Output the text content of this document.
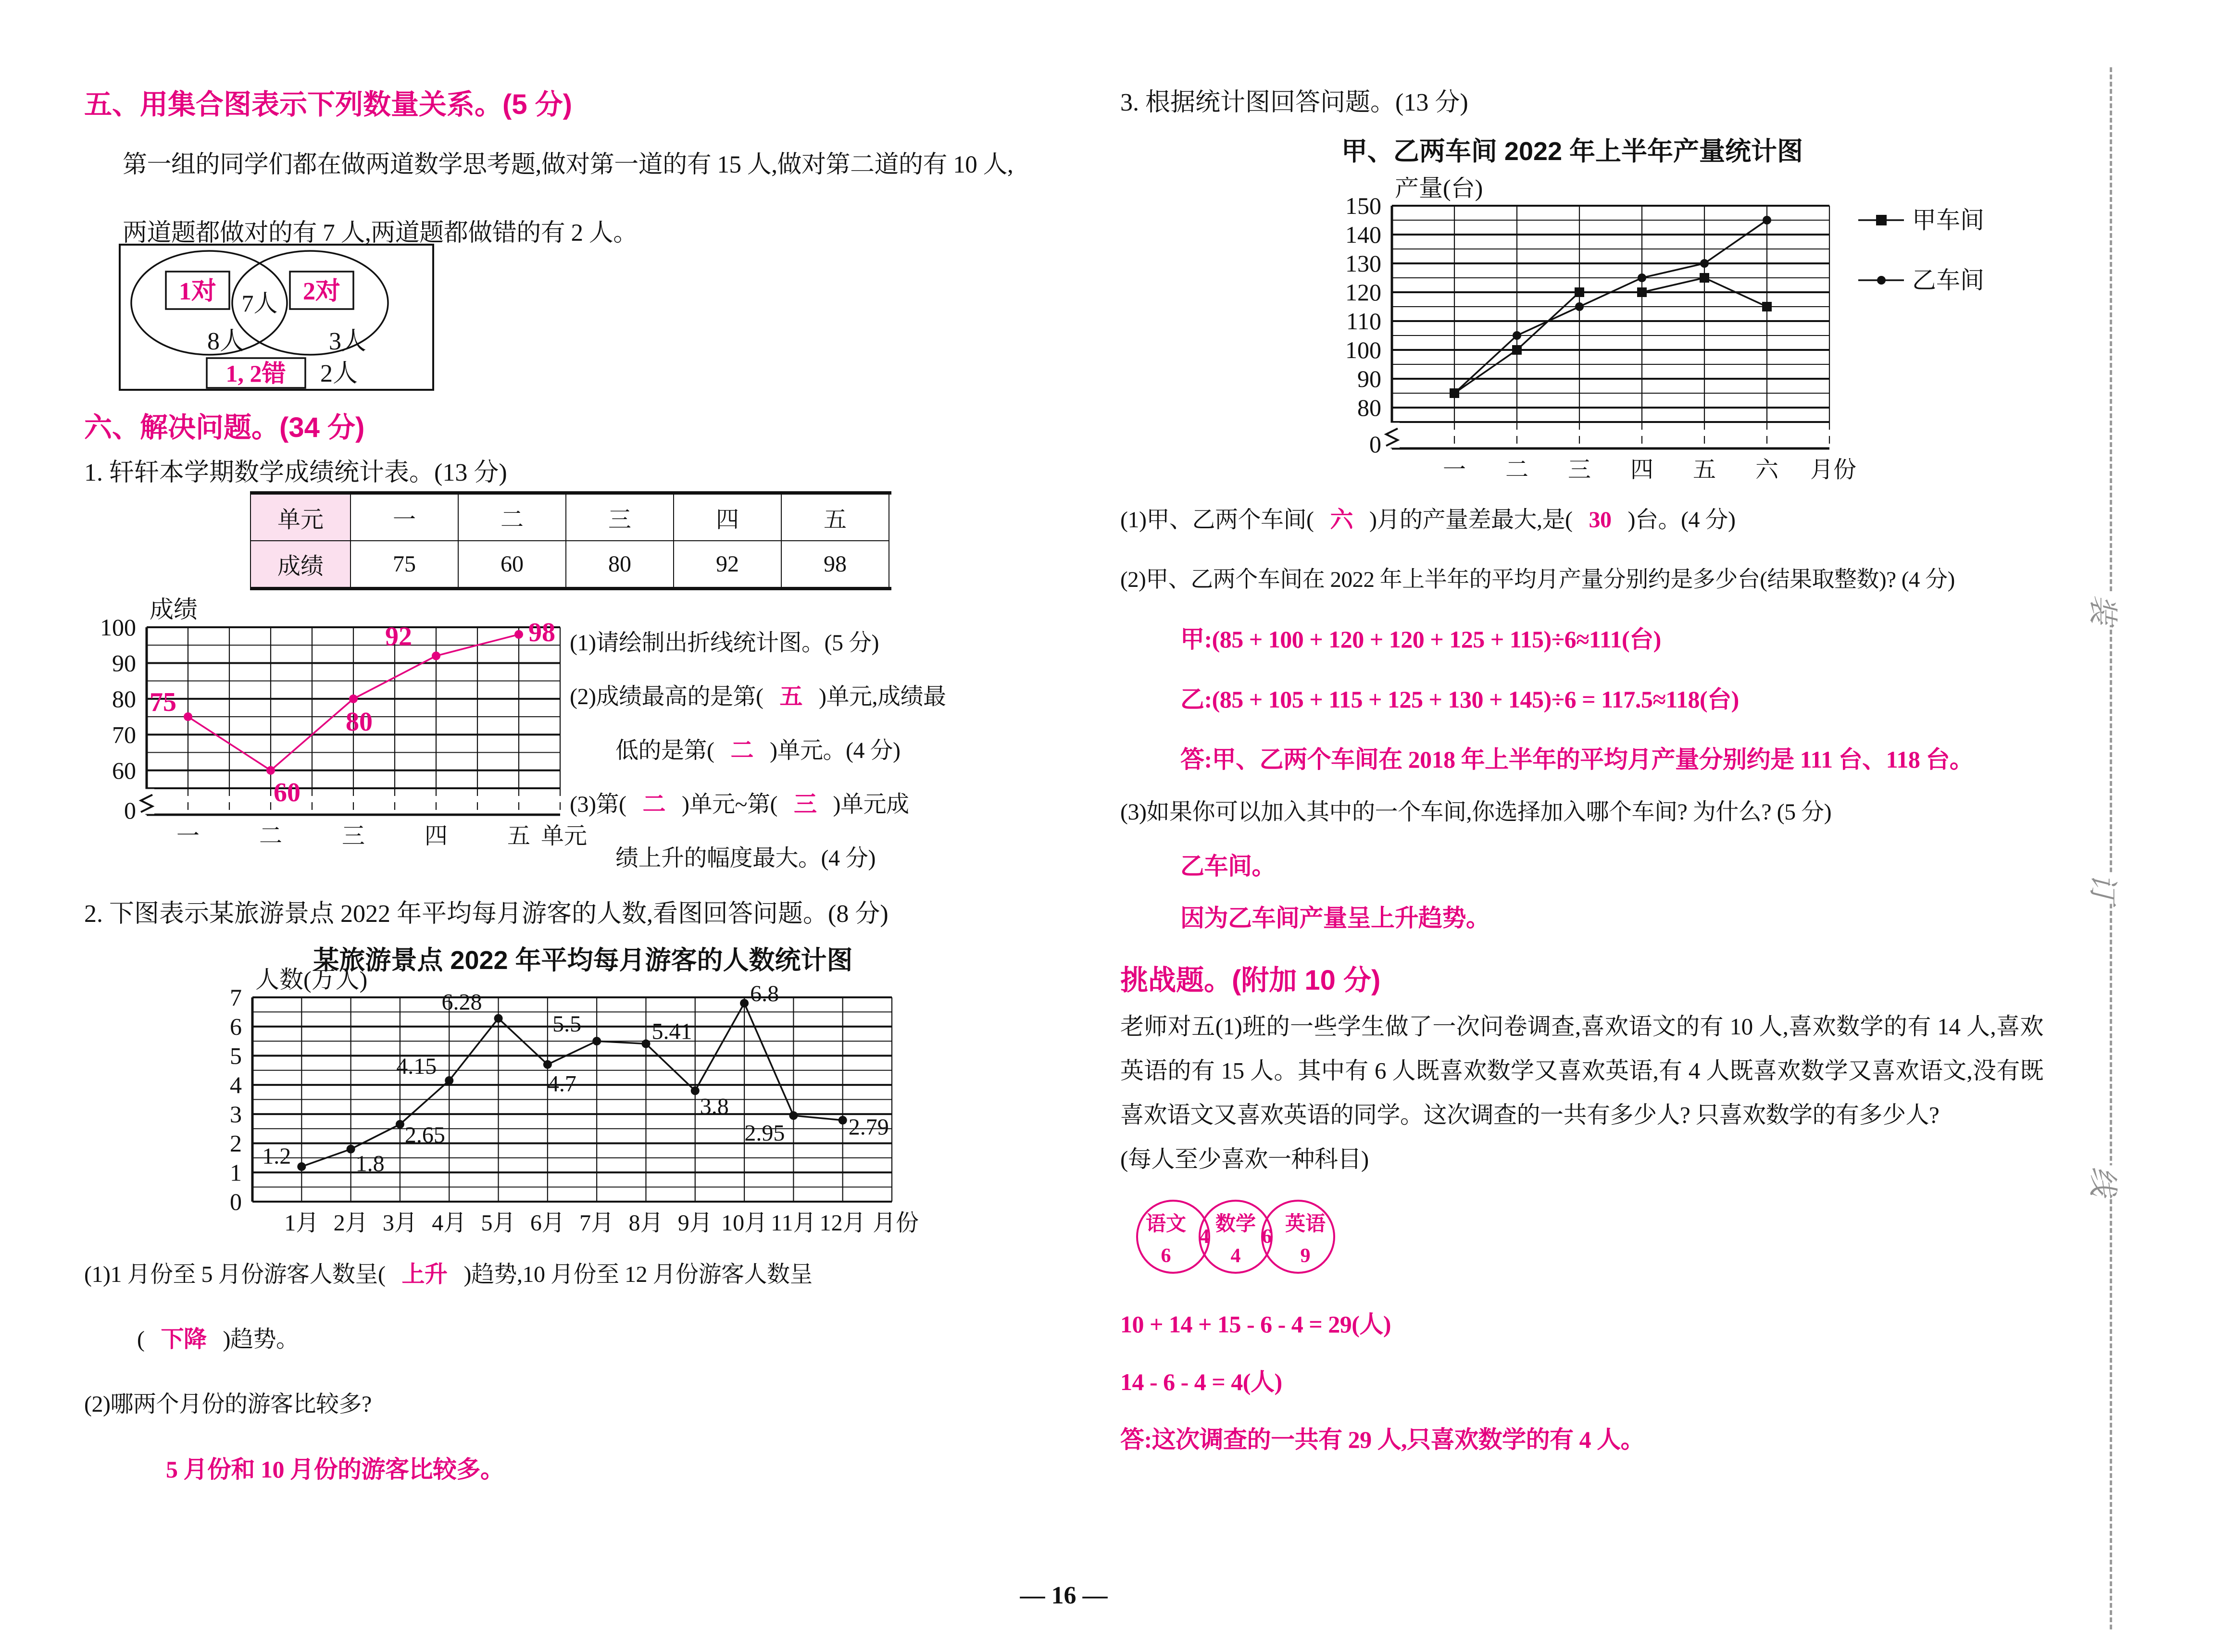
五、用集合图表示下列数量关系。(5 分)
第一组的同学们都在做两道数学思考题,做对第一道的有 15 人,做对第二道的有 10 人,
两道题都做对的有 7 人,两道题都做错的有 2 人。
1对 7人 2对
8人	3人
1, 2错 2人
六、解决问题。(34 分)
1. 轩轩本学期数学成绩统计表。(13 分)
单元	一	二	三	四	五
成绩	75	60	80	92	98
0
100
90
80
70
60
一	二	三	四	五 单元
成绩
75
60
80
92	98 (1)请绘制出折线统计图。(5 分)
(2)成绩最高的是第( 五 )单元,成绩最
低的是第( 二 )单元。(4 分)
(3)第( 二 )单元~第( 三 )单元成
绩上升的幅度最大。(4 分)
2. 下图表示某旅游景点 2022 年平均每月游客的人数,看图回答问题。(8 分)
某旅游景点 2022 年平均每月游客的人数统计图
7
6
5
4
3
2
1
0
1月 2月 3月 4月 5月 6月 7月 8月 9月 10月 11月 12月 月份
人数(万人)
1.2	1.8
2.65
4.15
6.28
4.7
5.5	5.41
3.8
6.8
2.95	2.79
(1)1 月份至 5 月份游客人数呈( 上升 )趋势,10 月份至 12 月份游客人数呈
( 下降 )趋势。
(2)哪两个月份的游客比较多?
5 月份和 10 月份的游客比较多。
3. 根据统计图回答问题。(13 分)
甲、乙两车间 2022 年上半年产量统计图
0
150
140
130
120
110
100
90
80
一 二 三 四 五 六 月份
产量(台)
甲车间
乙车间
(1)甲、乙两个车间( 六 )月的产量差最大,是( 30 )台。(4 分)
(2)甲、乙两个车间在 2022 年上半年的平均月产量分别约是多少台(结果取整数)? (4 分)
甲:(85 + 100 + 120 + 120 + 125 + 115)÷6≈111(台)
乙:(85 + 105 + 115 + 125 + 130 + 145)÷6 = 117.5≈118(台)
答:甲、乙两个车间在 2018 年上半年的平均月产量分别约是 111 台、118 台。
(3)如果你可以加入其中的一个车间,你选择加入哪个车间? 为什么? (5 分)
乙车间。
因为乙车间产量呈上升趋势。
挑战题。(附加 10 分)
老师对五(1)班的一些学生做了一次问卷调查,喜欢语文的有 10 人,喜欢数学的有 14 人,喜欢英语的有 15 人。其中有 6 人既喜欢数学又喜欢英语,有 4 人既喜欢数学又喜欢语文,没有既喜欢语文又喜欢英语的同学。这次调查的一共有多少人? 只喜欢数学的有多少人?
(每人至少喜欢一种科目)
语文
6
4
数学
4
6
英语
9
10 + 14 + 15 - 6 - 4 = 29(人)
14 - 6 - 4 = 4(人)
答:这次调查的一共有 29 人,只喜欢数学的有 4 人。
装
订
线
— 16 —
